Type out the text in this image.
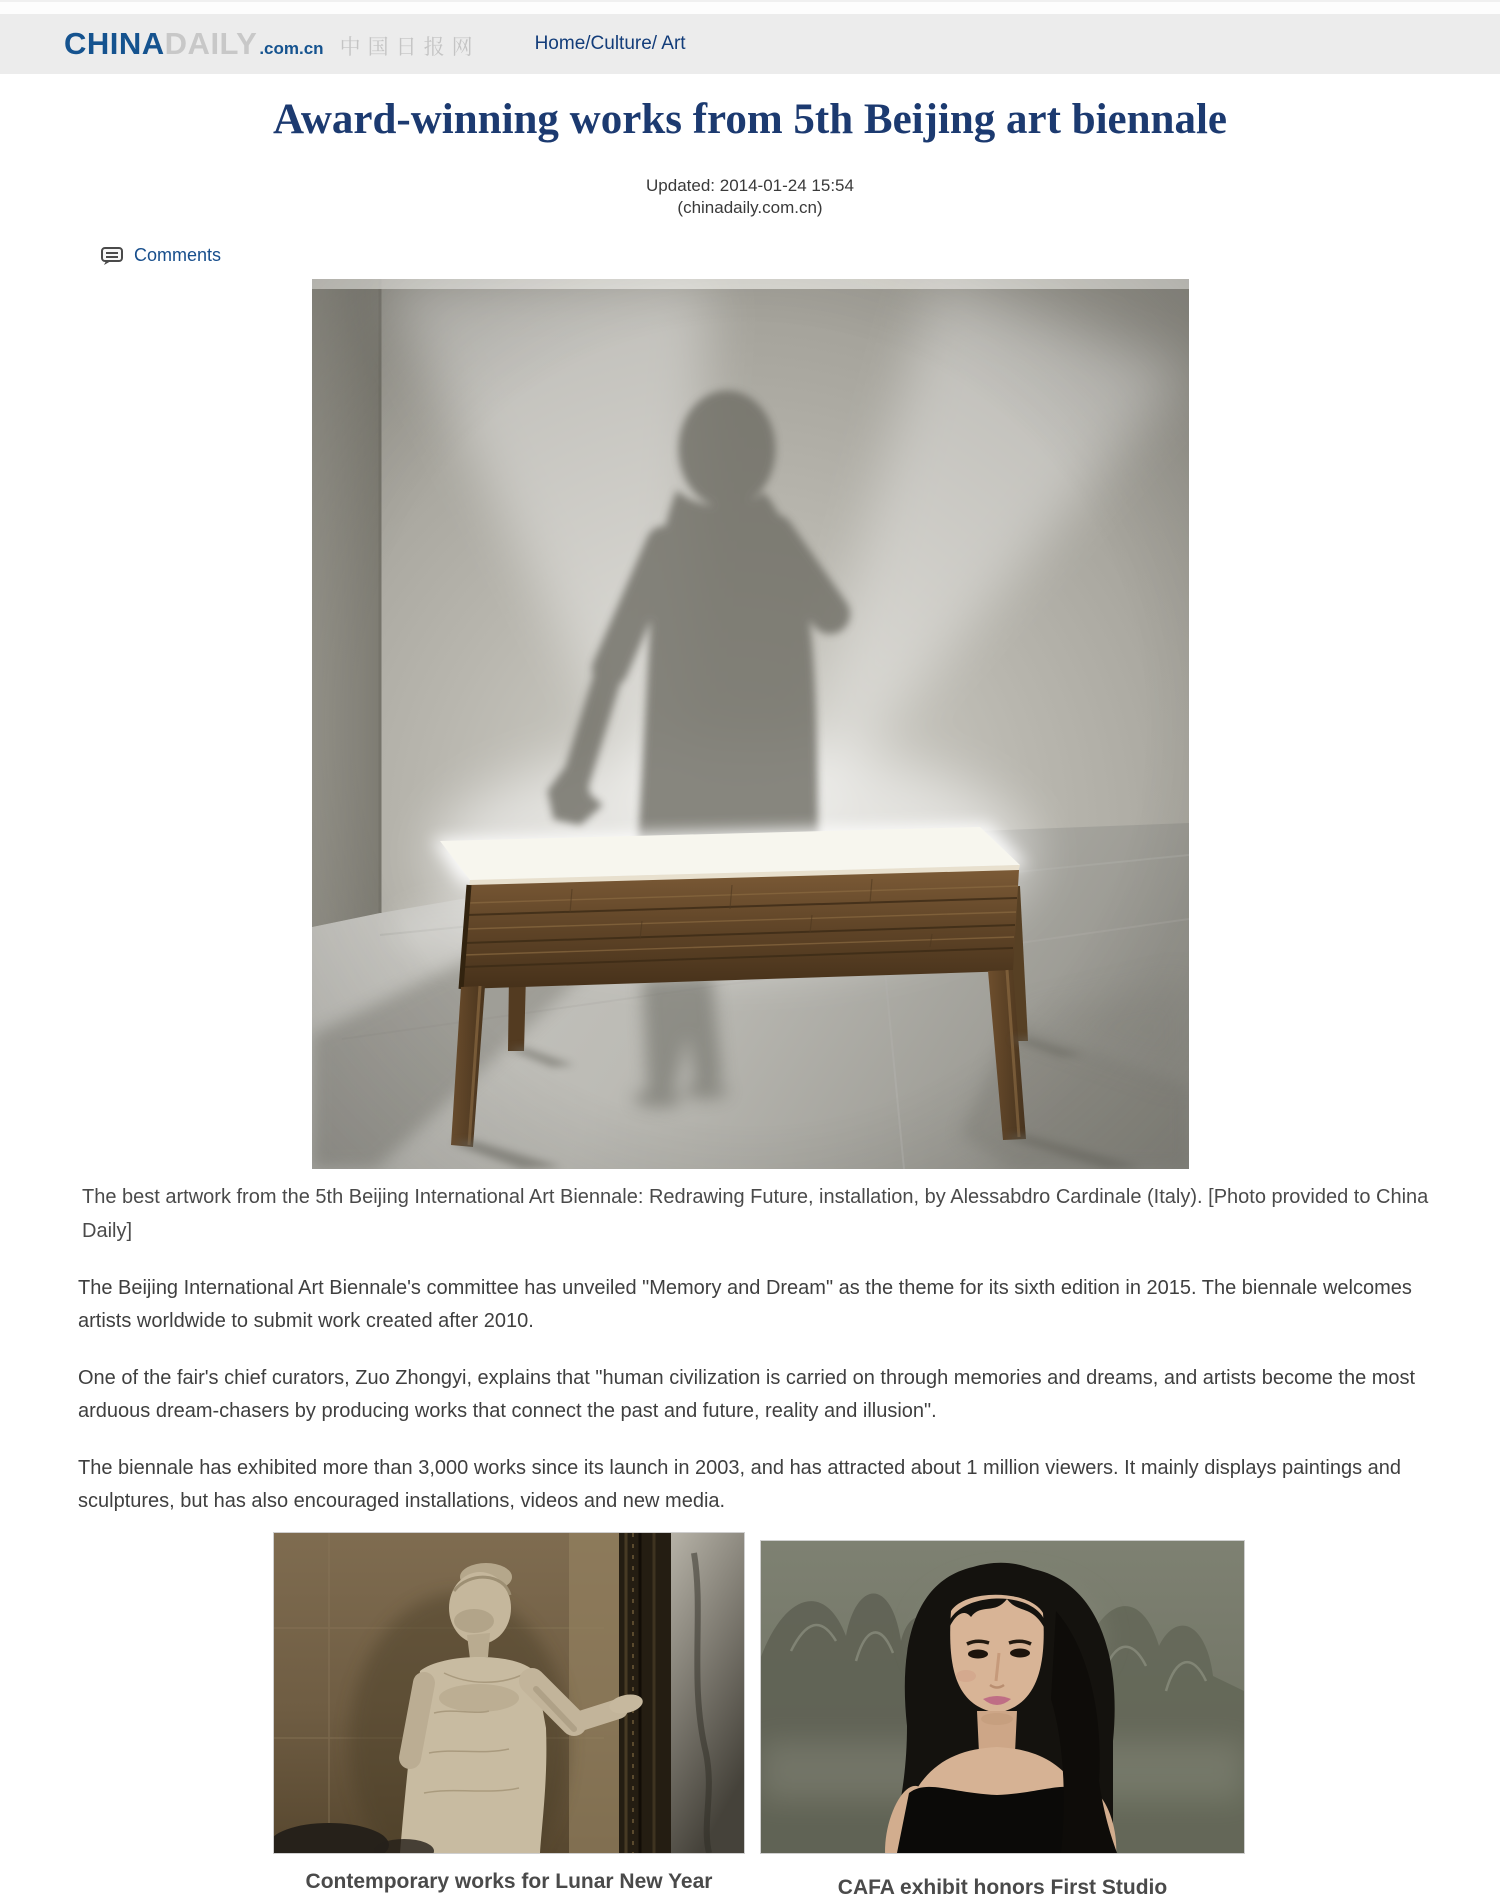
CHINA DAILY .com.cn 中国日报网	Home/Culture/ Art
Award-winning works from 5th Beijing art biennale
Updated: 2014-01-24 15:54
(chinadaily.com.cn)
Comments
The best artwork from the 5th Beijing International Art Biennale: Redrawing Future, installation, by Alessabdro Cardinale (Italy). [Photo provided to China Daily]

The Beijing International Art Biennale's committee has unveiled "Memory and Dream" as the theme for its sixth edition in 2015. The biennale welcomes artists worldwide to submit work created after 2010.

One of the fair's chief curators, Zuo Zhongyi, explains that "human civilization is carried on through memories and dreams, and artists become the most arduous dream-chasers by producing works that connect the past and future, reality and illusion".

The biennale has exhibited more than 3,000 works since its launch in 2003, and has attracted about 1 million viewers. It mainly displays paintings and sculptures, but has also encouraged installations, videos and new media.

Contemporary works for Lunar New Year	CAFA exhibit honors First Studio
